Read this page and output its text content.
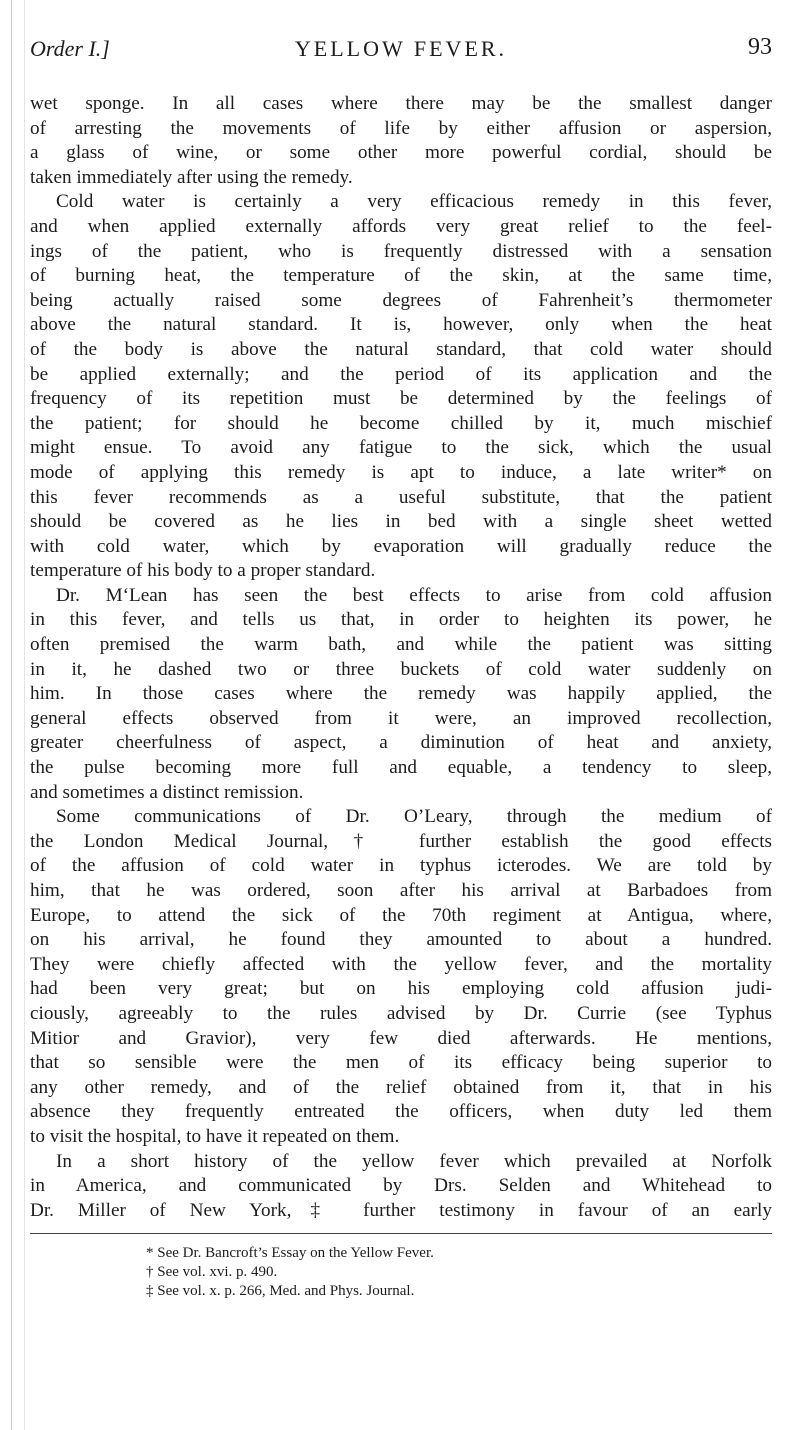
Order I.]	YELLOW FEVER.	93
wet sponge. In all cases where there may be the smallest danger
of arresting the movements of life by either affusion or aspersion,
a glass of wine, or some other more powerful cordial, should be
taken immediately after using the remedy.
Cold water is certainly a very efficacious remedy in this fever,
and when applied externally affords very great relief to the feel-
ings of the patient, who is frequently distressed with a sensation
of burning heat, the temperature of the skin, at the same time,
being actually raised some degrees of Fahrenheit’s thermometer
above the natural standard. It is, however, only when the heat
of the body is above the natural standard, that cold water should
be applied externally; and the period of its application and the
frequency of its repetition must be determined by the feelings of
the patient; for should he become chilled by it, much mischief
might ensue. To avoid any fatigue to the sick, which the usual
mode of applying this remedy is apt to induce, a late writer* on
this fever recommends as a useful substitute, that the patient
should be covered as he lies in bed with a single sheet wetted
with cold water, which by evaporation will gradually reduce the
temperature of his body to a proper standard.
Dr. M‘Lean has seen the best effects to arise from cold affusion
in this fever, and tells us that, in order to heighten its power, he
often premised the warm bath, and while the patient was sitting
in it, he dashed two or three buckets of cold water suddenly on
him. In those cases where the remedy was happily applied, the
general effects observed from it were, an improved recollection,
greater cheerfulness of aspect, a diminution of heat and anxiety,
the pulse becoming more full and equable, a tendency to sleep,
and sometimes a distinct remission.
Some communications of Dr. O’Leary, through the medium of
the London Medical Journal,† further establish the good effects
of the affusion of cold water in typhus icterodes. We are told by
him, that he was ordered, soon after his arrival at Barbadoes from
Europe, to attend the sick of the 70th regiment at Antigua, where,
on his arrival, he found they amounted to about a hundred.
They were chiefly affected with the yellow fever, and the mortality
had been very great; but on his employing cold affusion judi-
ciously, agreeably to the rules advised by Dr. Currie (see Typhus
Mitior and Gravior), very few died afterwards. He mentions,
that so sensible were the men of its efficacy being superior to
any other remedy, and of the relief obtained from it, that in his
absence they frequently entreated the officers, when duty led them
to visit the hospital, to have it repeated on them.
In a short history of the yellow fever which prevailed at Norfolk
in America, and communicated by Drs. Selden and Whitehead to
Dr. Miller of New York,‡ further testimony in favour of an early
* See Dr. Bancroft’s Essay on the Yellow Fever.
† See vol. xvi. p. 490.
‡ See vol. x. p. 266, Med. and Phys. Journal.
